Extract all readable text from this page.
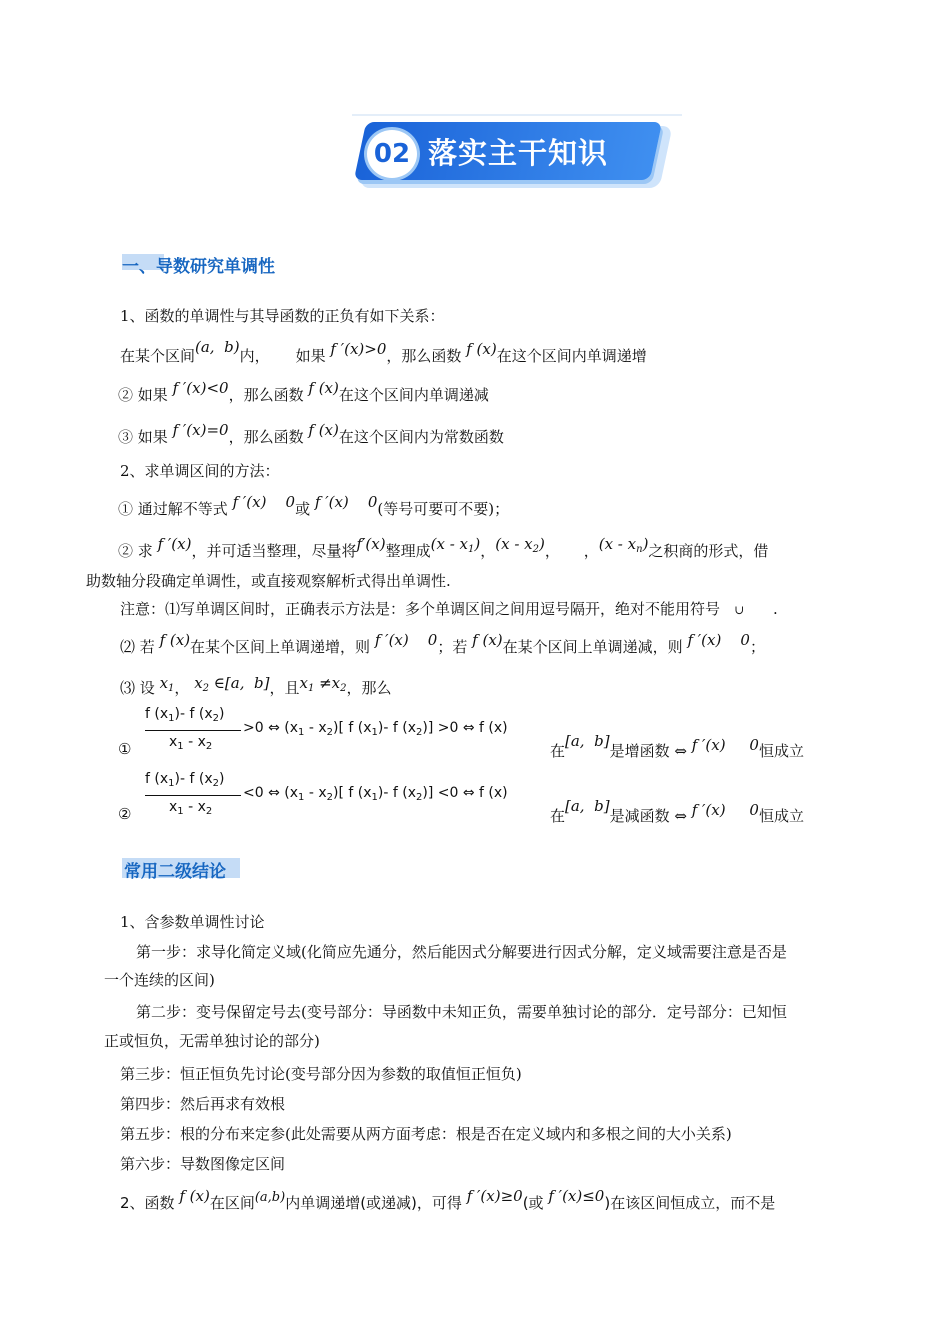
02 落实主干知识
一、导数研究单调性
1、函数的单调性与其导函数的正负有如下关系：
在某个区间(a,  b)内， 如果 f ′(x)>0，那么函数 f (x)在这个区间内单调递增
② 如果 f ′(x)<0，那么函数 f (x)在这个区间内单调递减
③ 如果 f ′(x)=0，那么函数 f (x)在这个区间内为常数函数
2、求单调区间的方法：
① 通过解不等式 f ′(x)    0或 f ′(x)    0(等号可要可不要)；
② 求 f ′(x)，并可适当整理，尽量将f′(x)整理成$(x - x_1)$，$(x - x_2)$，     ，$(x - x_n)$之积商的形式，借
助数轴分段确定单调性，或直接观察解析式得出单调性.
注意：⑴写单调区间时，正确表示方法是：多个单调区间之间用逗号隔开，绝对不能用符号 ∪      .
⑵ 若 f (x)在某个区间上单调递增，则 f ′(x)    0；若 f (x)在某个区间上单调递减，则 f ′(x)    0；
⑶ 设 $x_1$， $x_2$ ∈[a,  b]，且$x_1 \ne x_2$，那么
①
f $(x_1)-$ f $(x_2)$
$x_1 - x_2$
>0 ⇔ $(x_1 - x_2)$[ f $(x_1)-$ f $(x_2)] >0$ ⇔ f (x)
在[a,  b]是增函数 ⇔ f ′(x)     0恒成立
②
f $(x_1)-$ f $(x_2)$
$x_1 - x_2$
<0 ⇔ $(x_1 - x_2)$[ f $(x_1)-$ f $(x_2)] <0$ ⇔ f (x)
在[a,  b]是减函数 ⇔ f ′(x)     0恒成立
常用二级结论
1、含参数单调性讨论
第一步：求导化简定义域(化简应先通分，然后能因式分解要进行因式分解，定义域需要注意是否是
一个连续的区间)
第二步：变号保留定号去(变号部分：导函数中未知正负，需要单独讨论的部分．定号部分：已知恒
正或恒负，无需单独讨论的部分)
第三步：恒正恒负先讨论(变号部分因为参数的取值恒正恒负)
第四步：然后再求有效根
第五步：根的分布来定参(此处需要从两方面考虑：根是否在定义域内和多根之间的大小关系)
第六步：导数图像定区间
2、函数 f (x)在区间(a,b)内单调递增(或递减)，可得 f ′(x)≥0(或 f ′(x)≤0)在该区间恒成立，而不是
